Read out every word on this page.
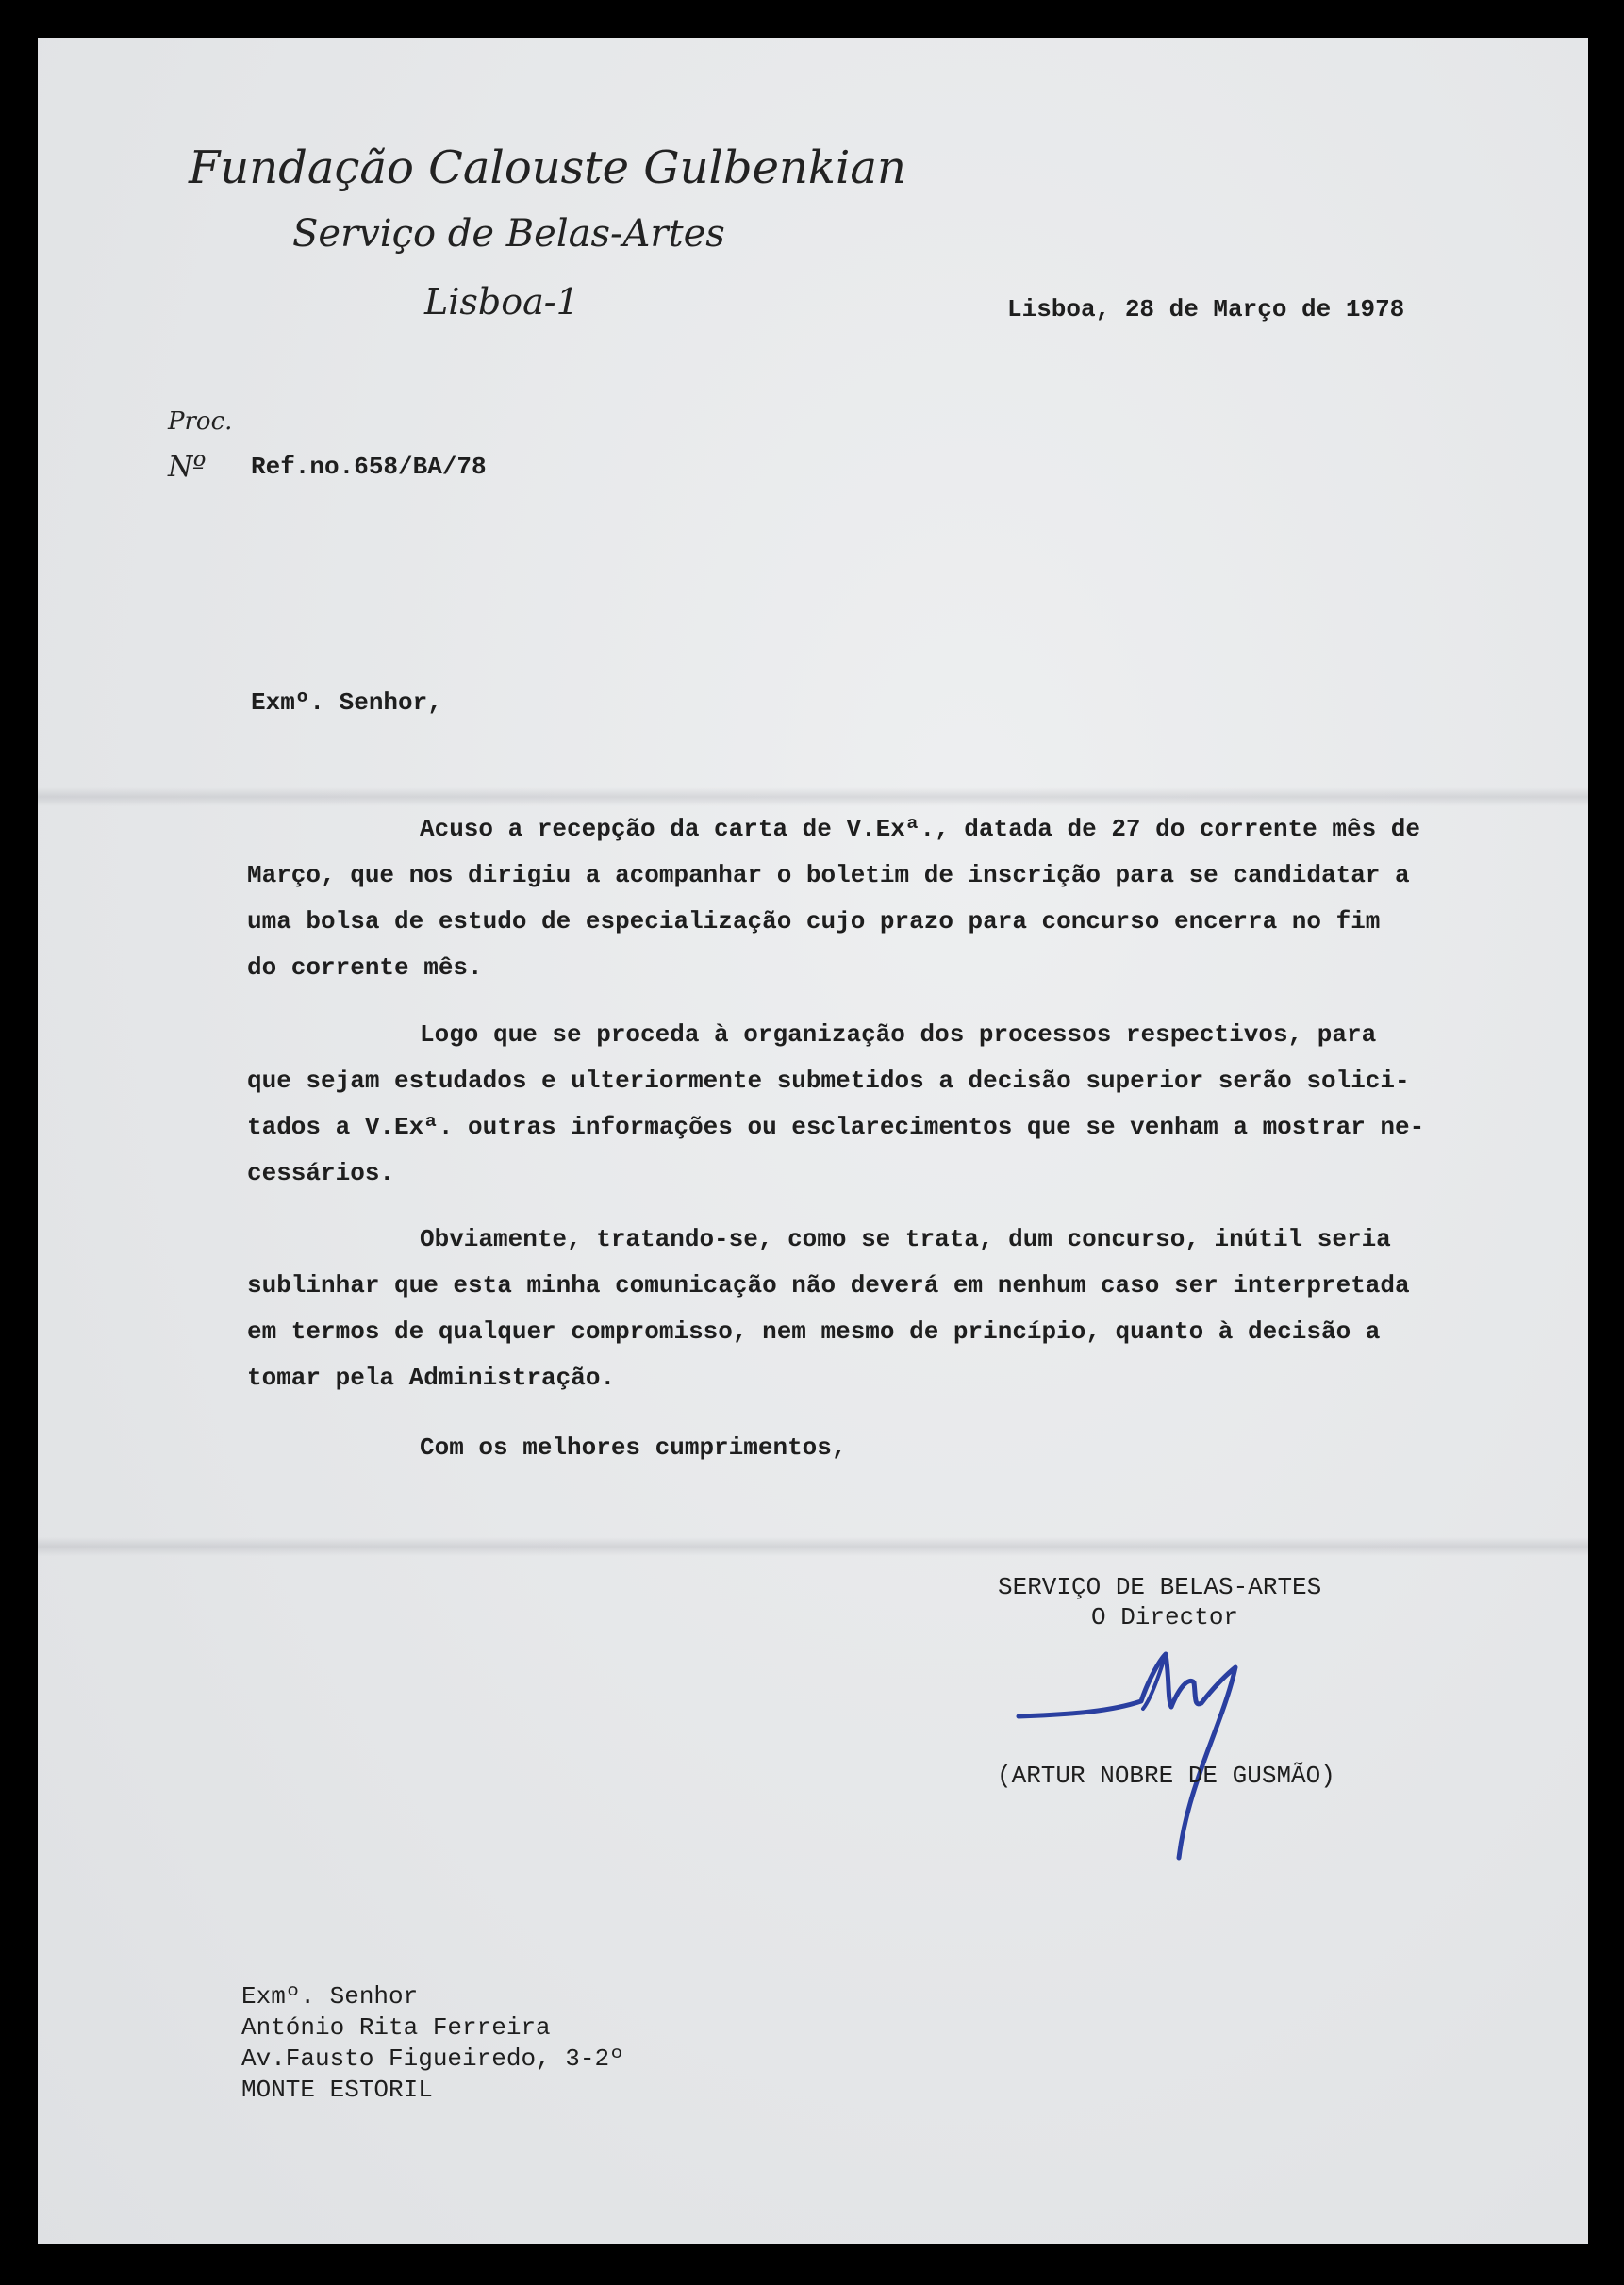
Fundação Calouste Gulbenkian
Serviço de Belas-Artes
Lisboa-1	Lisboa, 28 de Março de 1978
Proc.
Nº Ref.no.658/BA/78
Exmº. Senhor,
Acuso a recepção da carta de V.Exª., datada de 27 do corrente mês de
Março, que nos dirigiu a acompanhar o boletim de inscrição para se candidatar a
uma bolsa de estudo de especialização cujo prazo para concurso encerra no fim
do corrente mês.
Logo que se proceda à organização dos processos respectivos, para
que sejam estudados e ulteriormente submetidos a decisão superior serão solici-
tados a V.Exª. outras informações ou esclarecimentos que se venham a mostrar ne-
cessários.
Obviamente, tratando-se, como se trata, dum concurso, inútil seria
sublinhar que esta minha comunicação não deverá em nenhum caso ser interpretada
em termos de qualquer compromisso, nem mesmo de princípio, quanto à decisão a
tomar pela Administração.
Com os melhores cumprimentos,
SERVIÇO DE BELAS-ARTES
O Director
(ARTUR NOBRE DE GUSMÃO)
Exmº. Senhor
António Rita Ferreira
Av.Fausto Figueiredo, 3-2º
MONTE ESTORIL
